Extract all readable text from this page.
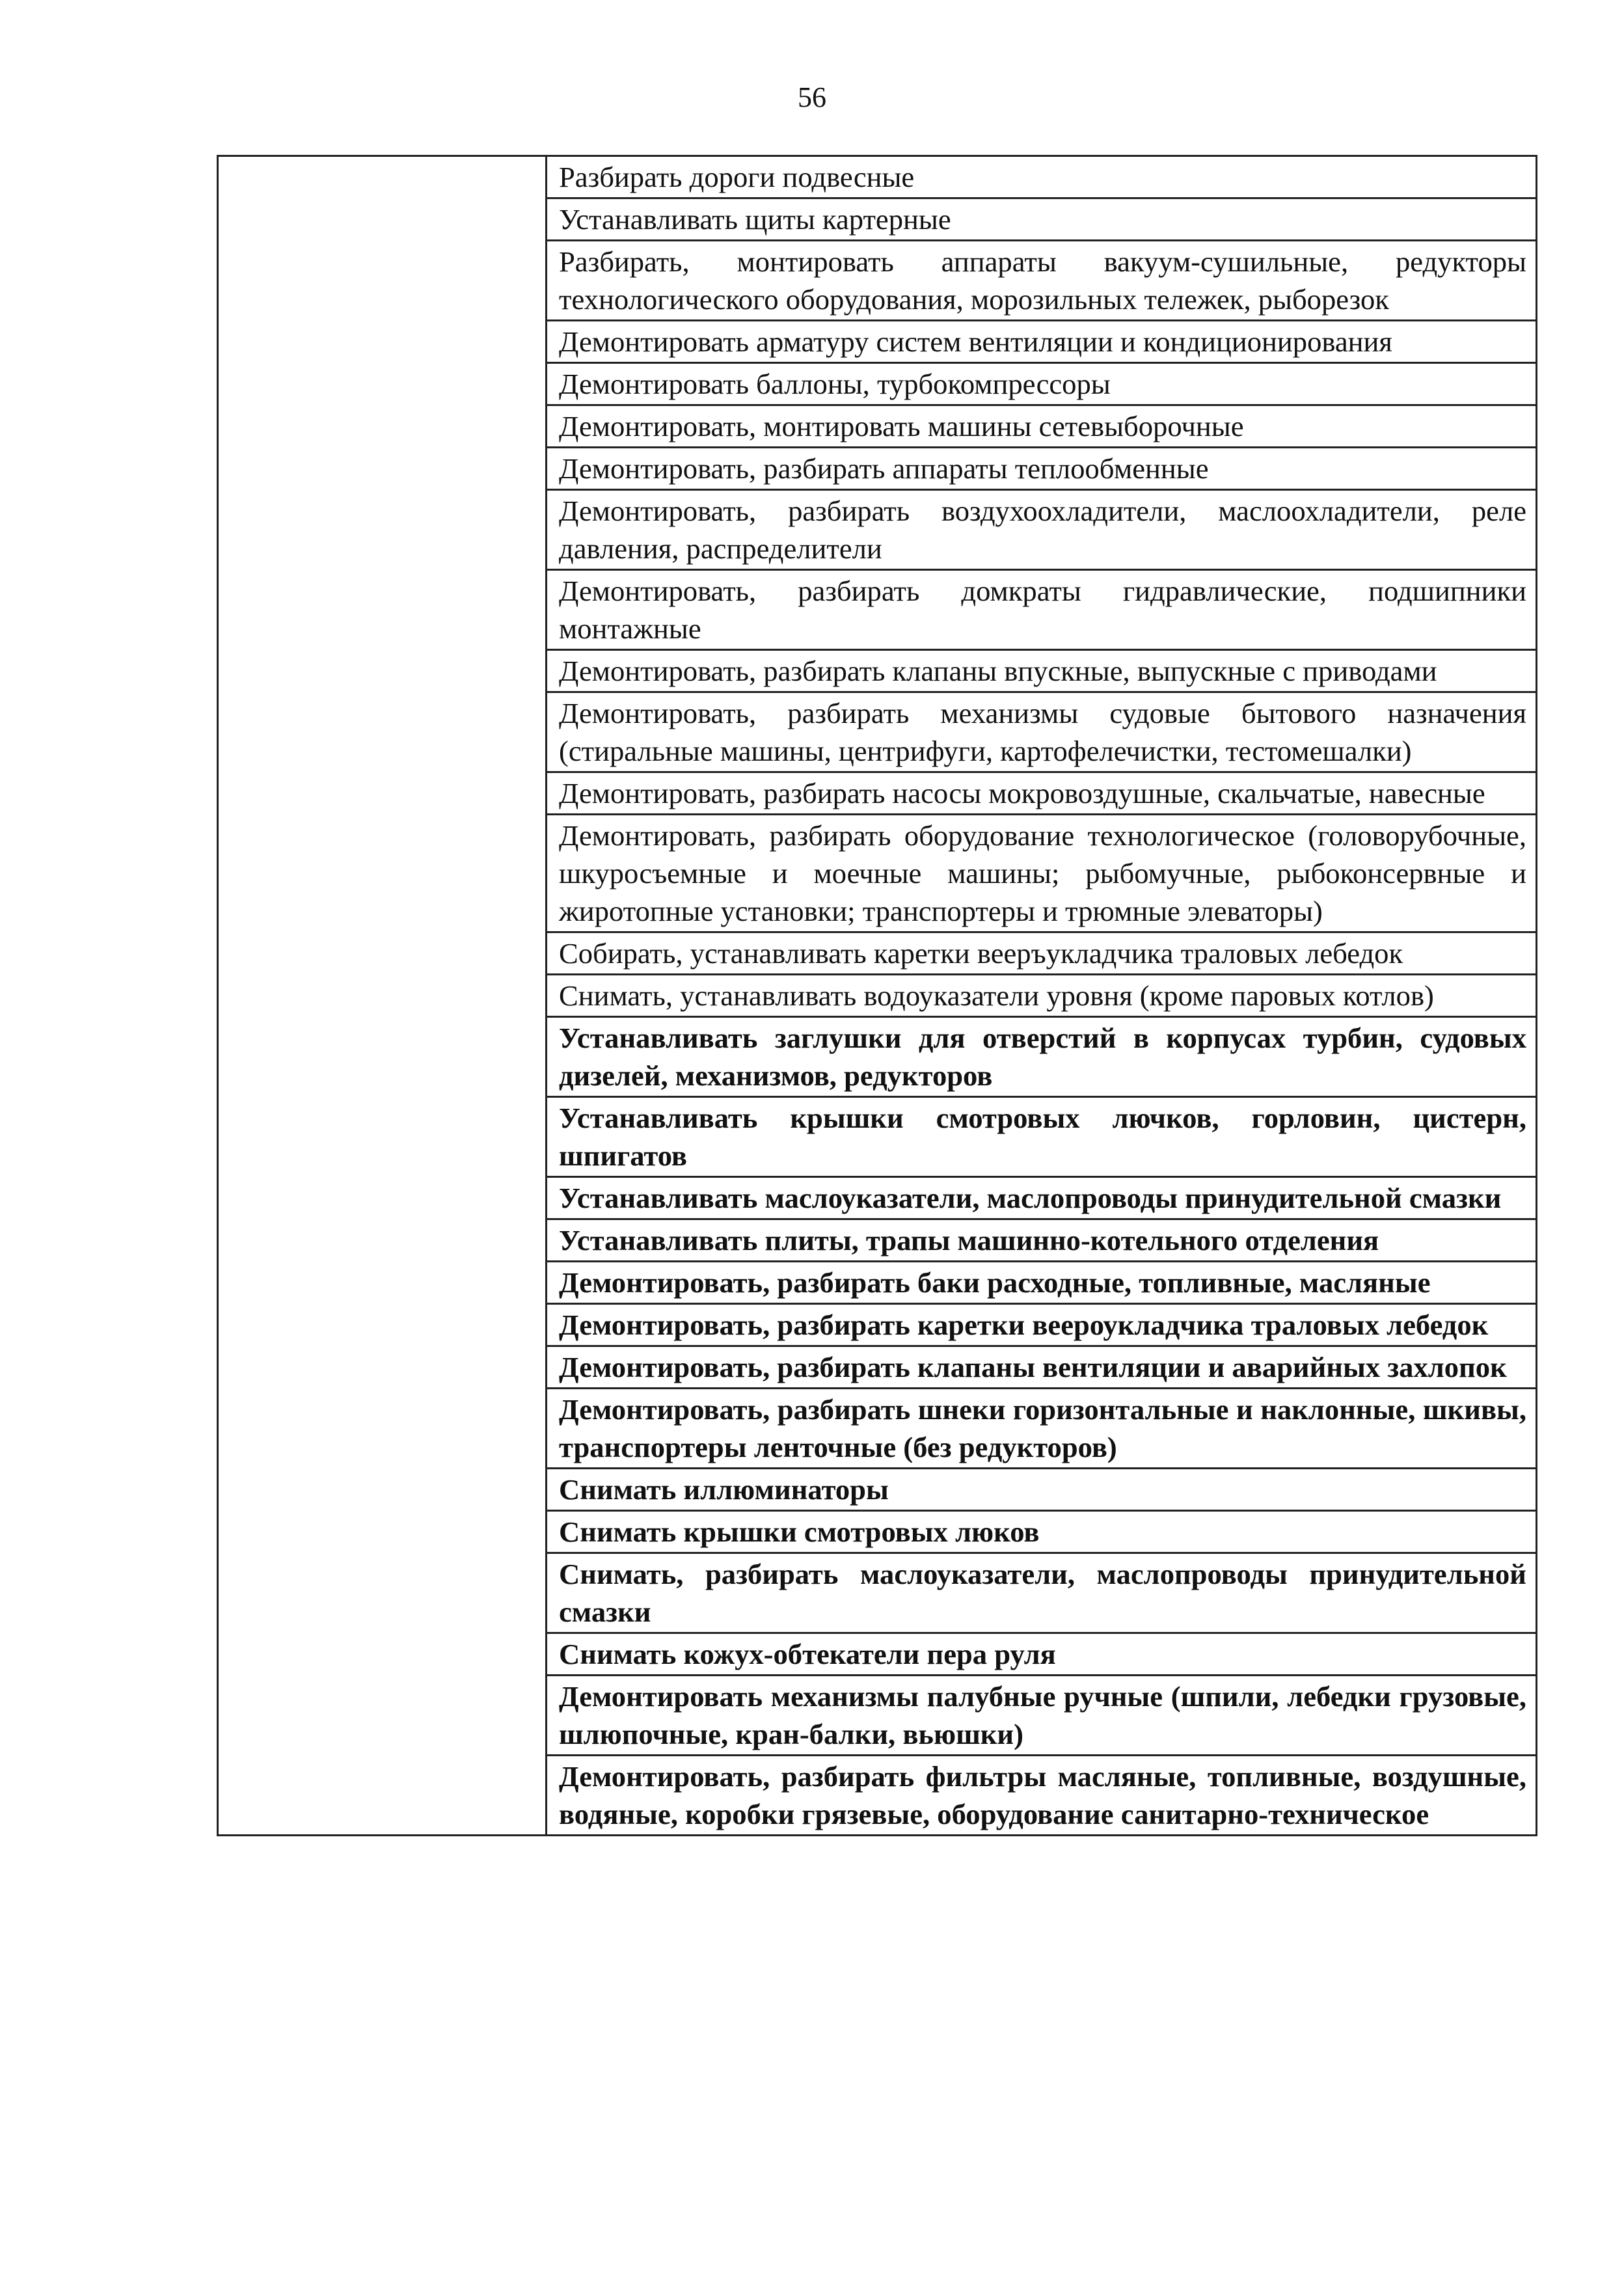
56

Разбирать дороги подвесные
Устанавливать щиты картерные
Разбирать, монтировать аппараты вакуум-сушильные, редукторы технологического оборудования, морозильных тележек, рыборезок
Демонтировать арматуру систем вентиляции и кондиционирования
Демонтировать баллоны, турбокомпрессоры
Демонтировать, монтировать машины сетевыборочные
Демонтировать, разбирать аппараты теплообменные
Демонтировать, разбирать воздухоохладители, маслоохладители, реле давления, распределители
Демонтировать, разбирать домкраты гидравлические, подшипники монтажные
Демонтировать, разбирать клапаны впускные, выпускные с приводами
Демонтировать, разбирать механизмы судовые бытового назначения (стиральные машины, центрифуги, картофелечистки, тестомешалки)
Демонтировать, разбирать насосы мокровоздушные, скальчатые, навесные
Демонтировать, разбирать оборудование технологическое (головорубочные, шкуросъемные и моечные машины; рыбомучные, рыбоконсервные и жиротопные установки; транспортеры и трюмные элеваторы)
Собирать, устанавливать каретки вееръукладчика траловых лебедок
Снимать, устанавливать водоуказатели уровня (кроме паровых котлов)
Устанавливать заглушки для отверстий в корпусах турбин, судовых дизелей, механизмов, редукторов
Устанавливать крышки смотровых лючков, горловин, цистерн, шпигатов
Устанавливать маслоуказатели, маслопроводы принудительной смазки
Устанавливать плиты, трапы машинно-котельного отделения
Демонтировать, разбирать баки расходные, топливные, масляные
Демонтировать, разбирать каретки веероукладчика траловых лебедок
Демонтировать, разбирать клапаны вентиляции и аварийных захлопок
Демонтировать, разбирать шнеки горизонтальные и наклонные, шкивы, транспортеры ленточные (без редукторов)
Снимать иллюминаторы
Снимать крышки смотровых люков
Снимать, разбирать маслоуказатели, маслопроводы принудительной смазки
Снимать кожух-обтекатели пера руля
Демонтировать механизмы палубные ручные (шпили, лебедки грузовые, шлюпочные, кран-балки, вьюшки)
Демонтировать, разбирать фильтры масляные, топливные, воздушные, водяные, коробки грязевые, оборудование санитарно-техническое
